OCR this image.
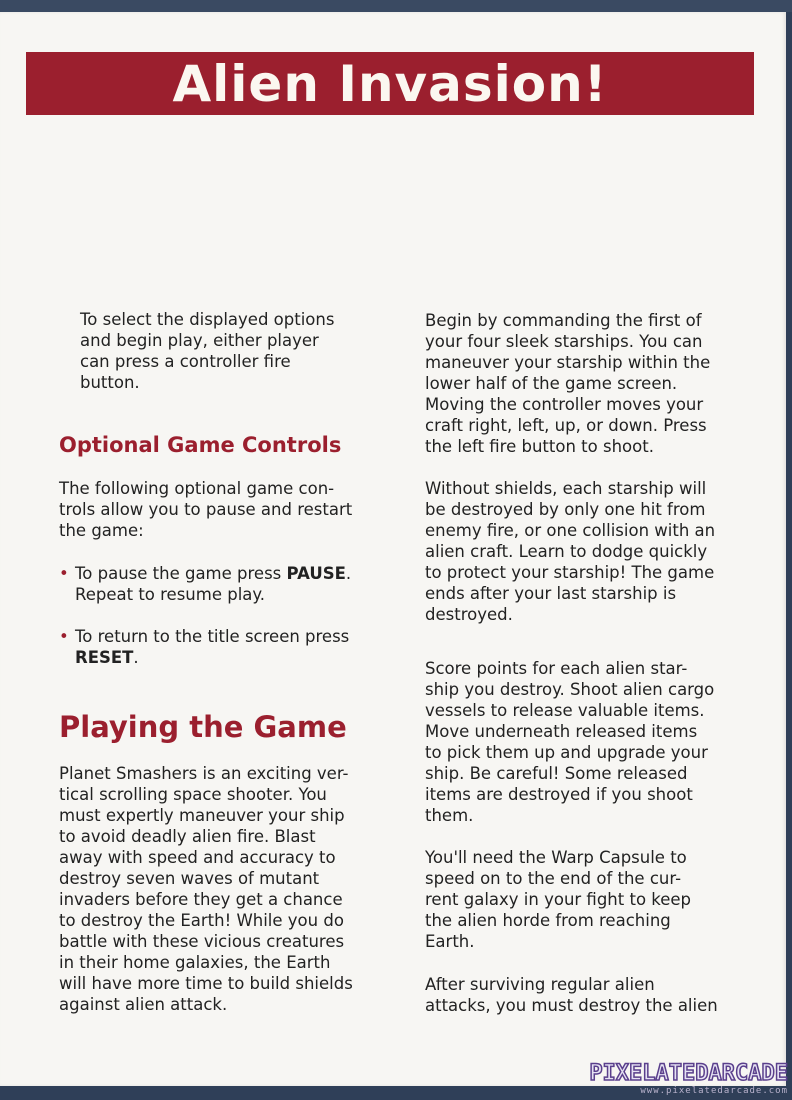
Alien Invasion!

To select the displayed options
and begin play, either player
can press a controller fire
button.

Optional Game Controls

The following optional game con-
trols allow you to pause and restart
the game:

• To pause the game press PAUSE.
Repeat to resume play.
• To return to the title screen press
RESET.
Playing the Game

Planet Smashers is an exciting ver-
tical scrolling space shooter. You
must expertly maneuver your ship
to avoid deadly alien fire. Blast
away with speed and accuracy to
destroy seven waves of mutant
invaders before they get a chance
to destroy the Earth! While you do
battle with these vicious creatures
in their home galaxies, the Earth
will have more time to build shields
against alien attack.

Begin by commanding the first of
your four sleek starships. You can
maneuver your starship within the
lower half of the game screen.
Moving the controller moves your
craft right, left, up, or down. Press
the left fire button to shoot.

Without shields, each starship will
be destroyed by only one hit from
enemy fire, or one collision with an
alien craft. Learn to dodge quickly
to protect your starship! The game
ends after your last starship is
destroyed.

Score points for each alien star-
ship you destroy. Shoot alien cargo
vessels to release valuable items.
Move underneath released items
to pick them up and upgrade your
ship. Be careful! Some released
items are destroyed if you shoot
them.

You'll need the Warp Capsule to
speed on to the end of the cur-
rent galaxy in your fight to keep
the alien horde from reaching
Earth.

After surviving regular alien
attacks, you must destroy the alien

PIXELATEDARCADE
www.pixelatedarcade.com
